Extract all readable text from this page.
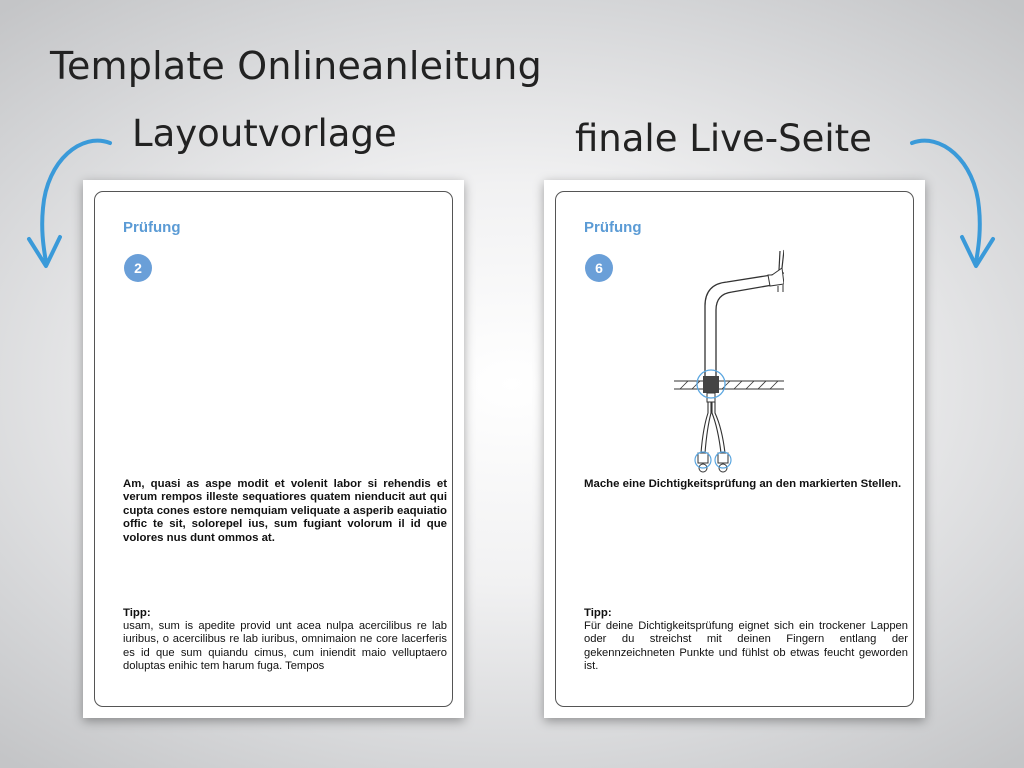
Template Onlineanleitung
Layoutvorlage	finale Live-Seite
Prüfung
2

Am, quasi as aspe modit et volenit labor si rehendis et verum rempos illeste sequatiores quatem nienducit aut qui cupta cones estore nemquiam veliquate a asperib eaquiatio offic te sit, solorepel ius, sum fugiant volorum il id que volores nus dunt ommos at.

Tipp:

usam, sum is apedite provid unt acea nulpa acercilibus re lab iuribus, o acercilibus re lab iuribus, omnimaion ne core lacerferis es id que sum quiandu cimus, cum iniendit maio velluptaero doluptas enihic tem harum fuga. Tempos

Prüfung
6

Mache eine Dichtigkeitsprüfung an den markierten Stellen.

Tipp:

Für deine Dichtigkeitsprüfung eignet sich ein trockener Lappen oder du streichst mit deinen Fingern entlang der gekennzeichneten Punkte und fühlst ob etwas feucht geworden ist.
